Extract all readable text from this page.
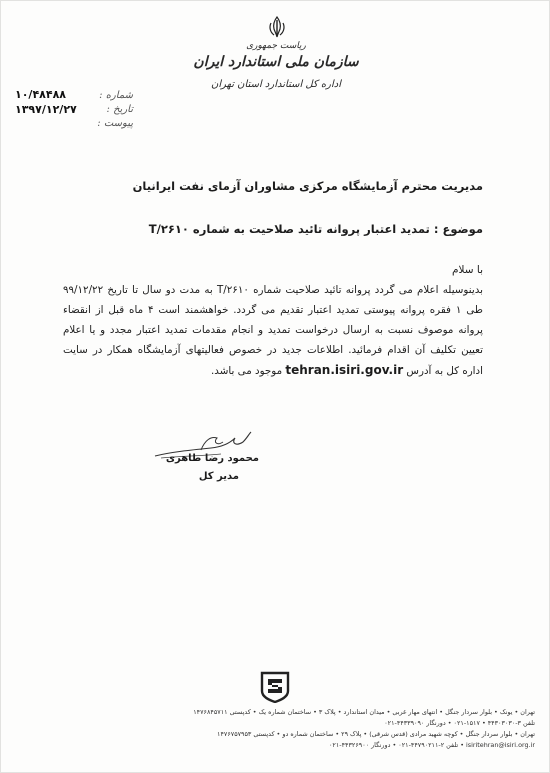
ریاست جمهوری
سازمان ملی استاندارد ایران
اداره کل استاندارد استان تهران
شماره :
تاریخ :
پیوست :
۱۰/۴۸۴۸۸
۱۳۹۷/۱۲/۲۷
مدیریت محترم آزمایشگاه مرکزی مشاوران آزمای نفت ایرانیان
موضوع : تمدید اعتبار پروانه تائید صلاحیت به شماره T/۲۶۱۰
با سلام
بدینوسیله اعلام می گردد پروانه تائید صلاحیت شماره T/۲۶۱۰ به مدت دو سال تا تاریخ ۹۹/۱۲/۲۲ طی ۱ فقره پروانه پیوستی تمدید اعتبار تقدیم می گردد. خواهشمند است ۴ ماه قبل از انقضاء پروانه موصوف نسبت به ارسال درخواست تمدید و انجام مقدمات تمدید اعتبار مجدد و یا اعلام تعیین تکلیف آن اقدام فرمائید. اطلاعات جدید در خصوص فعالیتهای آزمایشگاه همکار در سایت اداره کل به آدرس tehran.isiri.gov.ir موجود می باشد.
محمود رضا طاهری
مدیر کل
تهران • یونک • بلوار سردار جنگل • انتهای مهار غربی • میدان استاندارد • پلاک ۳ • ساختمان شماره یک • کدپستی ۱۴۷۶۸۴۵۷۱۱
تلفن ۳-۴۴۳۰۳۰۳۰ • ۱۵۱۷-۰۲۱ • دورنگار ۴۴۳۳۹۰۹۰-۰۲۱
تهران • بلوار سردار جنگل • کوچه شهید مرادی (قدس شرقی) • پلاک ۲۹ • ساختمان شماره دو • کدپستی ۱۴۷۶۷۵۷۹۵۳
isiritehran@isiri.org.ir • تلفن ۲-۴۴۷۹۰۲۱۱-۰۲۱ • دورنگار ۴۴۳۲۶۹۰۰-۰۲۱
